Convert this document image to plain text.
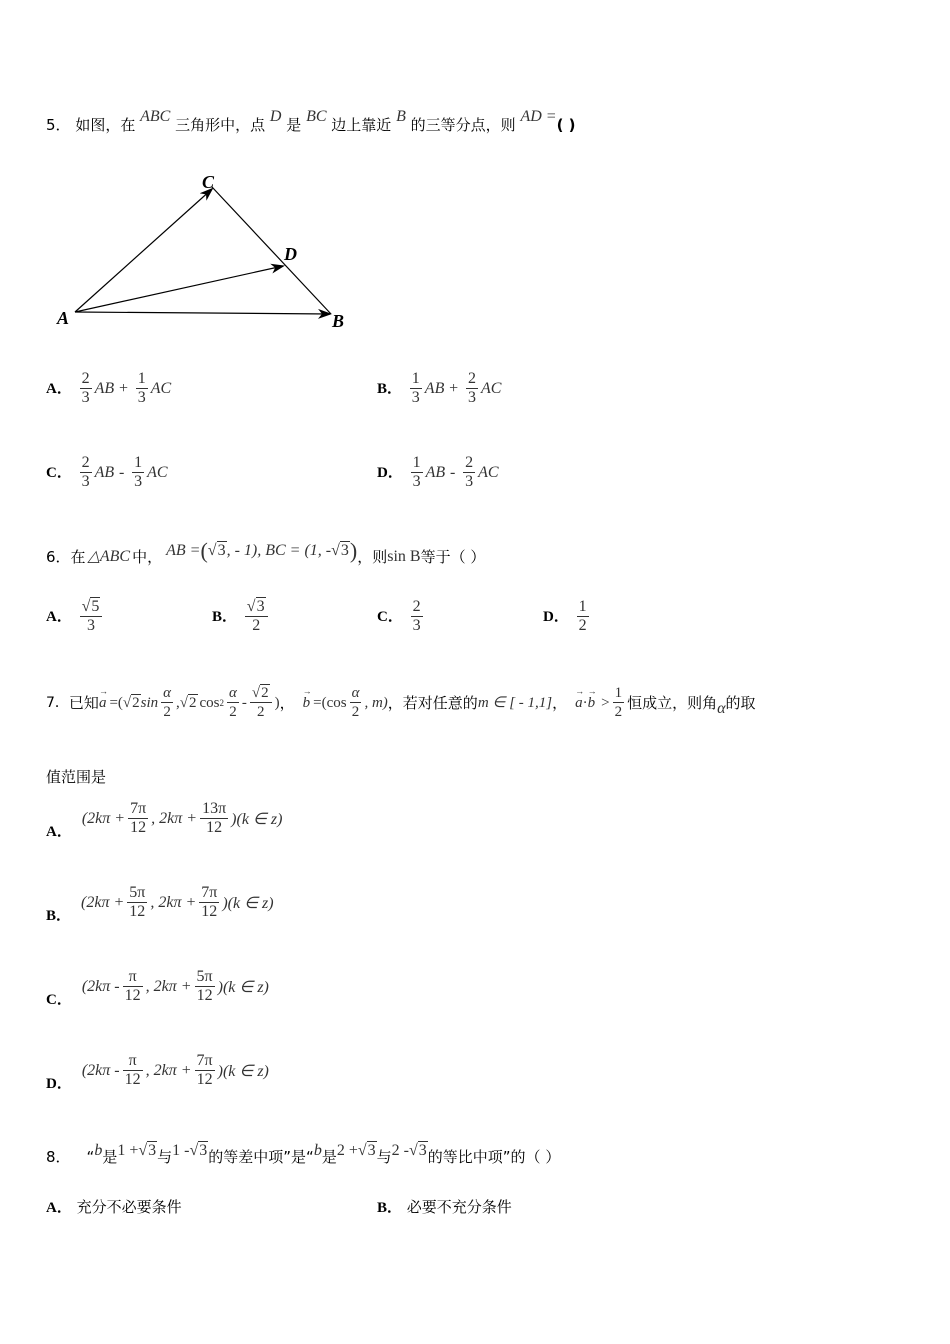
5． 如图，在 ABC 三角形中，点 D 是 BC 边上靠近 B 的三等分点，则 AD =( )
A	B
C
D
A． $\frac{2}{3}$ AB + $\frac{1}{3}$ AC	B． $\frac{1}{3}$ AB + $\frac{2}{3}$ AC
C． $\frac{2}{3}$ AB - $\frac{1}{3}$ AC	D． $\frac{1}{3}$ AB - $\frac{2}{3}$ AC
6． 在 △ABC 中， AB = ( √3 , - 1), BC = (1, - √3 ) ，则 sin B 等于（ ）
A． $\frac{√5}{3}$	B． $\frac{√3}{2}$	C． $\frac{2}{3}$	D． $\frac{1}{2}$
7． 已知 → a =( √2 $\sin \frac{\alpha}{2}$ , √2 $\cos 2 \frac{\alpha}{2} - \frac{√2}{2}$ ) ， → $b =(\cos \frac{\alpha}{2}$ , m) ，若对任意的 m ∈ [ - 1,1] ， → a · → $b > \frac{1}{2}$ 恒成立，则角 α 的取
值范围是
A．
($2k\pi + \frac{7\pi}{12}$ , $2k\pi + \frac{13\pi}{12} )(k$ ∈ z)
B．
($2k\pi + \frac{5\pi}{12}$ , $2k\pi + \frac{7\pi}{12} )(k$ ∈ z)
C．
($2k\pi - \frac{\pi}{12}$ , $2k\pi + \frac{5\pi}{12} )(k$ ∈ z)
D．
($2k\pi - \frac{\pi}{12}$ , $2k\pi + \frac{7\pi}{12} )(k$ ∈ z)
8． “ b 是 1 + √3 与 1 - √3 的等差中项”是“ b 是 2 + √3 与 2 - √3 的等比中项”的（ ）
A． 充分不必要条件	B． 必要不充分条件
